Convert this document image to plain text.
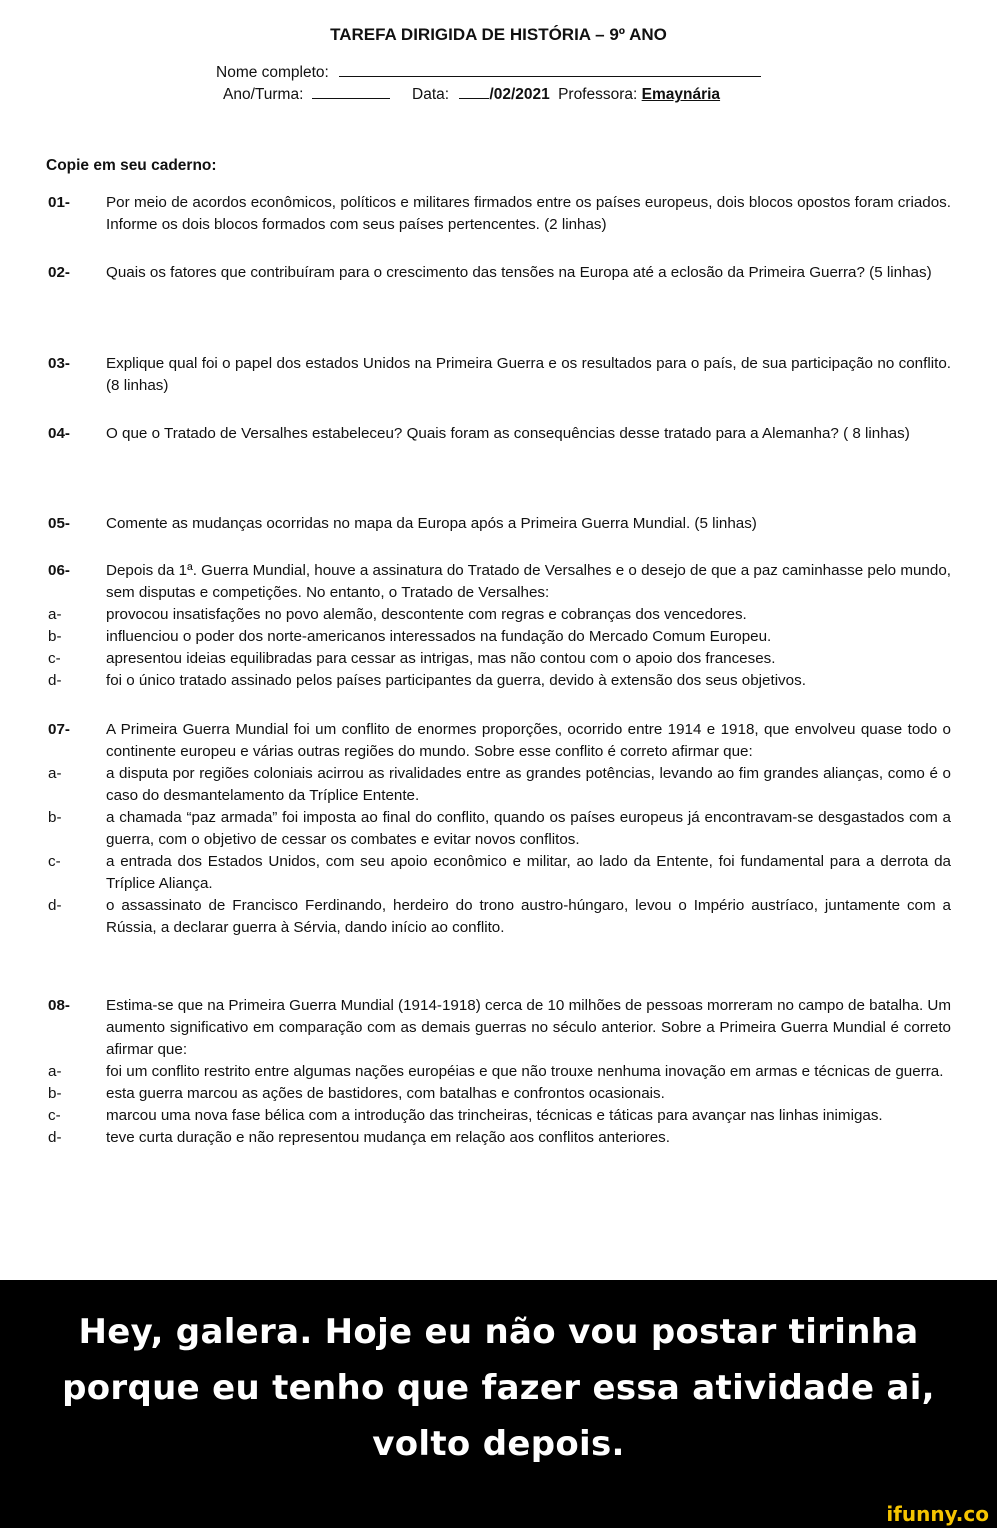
TAREFA DIRIGIDA DE HISTÓRIA – 9º ANO
Nome completo:
Ano/Turma:	Data:	/02/2021 Professora: Emaynária
Copie em seu caderno:
01- Por meio de acordos econômicos, políticos e militares firmados entre os países europeus, dois blocos opostos foram criados. Informe os dois blocos formados com seus países pertencentes. (2 linhas)
02- Quais os fatores que contribuíram para o crescimento das tensões na Europa até a eclosão da Primeira Guerra? (5 linhas)
03- Explique qual foi o papel dos estados Unidos na Primeira Guerra e os resultados para o país, de sua participação no conflito. (8 linhas)
04- O que o Tratado de Versalhes estabeleceu? Quais foram as consequências desse tratado para a Alemanha? ( 8 linhas)
05- Comente as mudanças ocorridas no mapa da Europa após a Primeira Guerra Mundial. (5 linhas)
06- Depois da 1ª. Guerra Mundial, houve a assinatura do Tratado de Versalhes e o desejo de que a paz caminhasse pelo mundo, sem disputas e competições. No entanto, o Tratado de Versalhes:
a-	provocou insatisfações no povo alemão, descontente com regras e cobranças dos vencedores.
b-	influenciou o poder dos norte-americanos interessados na fundação do Mercado Comum Europeu.
c-	apresentou ideias equilibradas para cessar as intrigas, mas não contou com o apoio dos franceses.
d-	foi o único tratado assinado pelos países participantes da guerra, devido à extensão dos seus objetivos.
07- A Primeira Guerra Mundial foi um conflito de enormes proporções, ocorrido entre 1914 e 1918, que envolveu quase todo o continente europeu e várias outras regiões do mundo. Sobre esse conflito é correto afirmar que:
a-	a disputa por regiões coloniais acirrou as rivalidades entre as grandes potências, levando ao fim grandes alianças, como é o caso do desmantelamento da Tríplice Entente.
b-	a chamada “paz armada” foi imposta ao final do conflito, quando os países europeus já encontravam-se desgastados com a guerra, com o objetivo de cessar os combates e evitar novos conflitos.
c-	a entrada dos Estados Unidos, com seu apoio econômico e militar, ao lado da Entente, foi fundamental para a derrota da Tríplice Aliança.
d-	o assassinato de Francisco Ferdinando, herdeiro do trono austro-húngaro, levou o Império austríaco, juntamente com a Rússia, a declarar guerra à Sérvia, dando início ao conflito.
08- Estima-se que na Primeira Guerra Mundial (1914-1918) cerca de 10 milhões de pessoas morreram no campo de batalha. Um aumento significativo em comparação com as demais guerras no século anterior. Sobre a Primeira Guerra Mundial é correto afirmar que:
a-	foi um conflito restrito entre algumas nações européias e que não trouxe nenhuma inovação em armas e técnicas de guerra.
b-	esta guerra marcou as ações de bastidores, com batalhas e confrontos ocasionais.
c-	marcou uma nova fase bélica com a introdução das trincheiras, técnicas e táticas para avançar nas linhas inimigas.
d-	teve curta duração e não representou mudança em relação aos conflitos anteriores.
Hey, galera. Hoje eu não vou postar tirinha
porque eu tenho que fazer essa atividade ai,
volto depois.
ifunny.co
